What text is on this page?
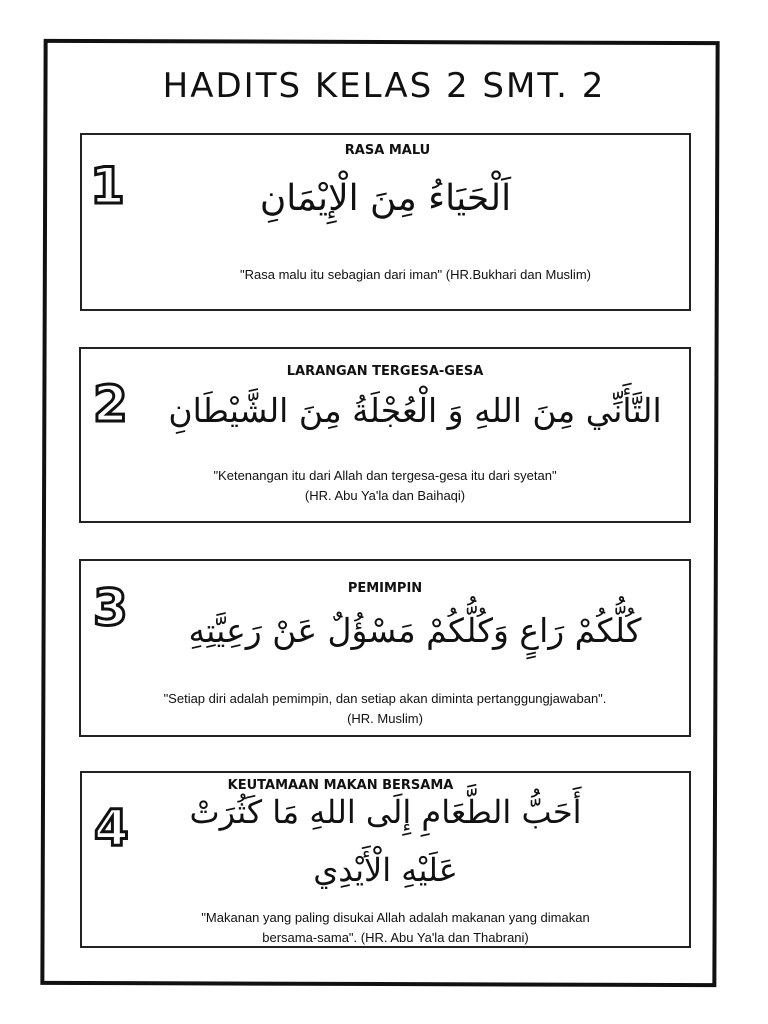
HADITS KELAS 2 SMT. 2
1
RASA MALU
اَلْحَيَاءُ مِنَ الْإِيْمَانِ
"Rasa malu itu sebagian dari iman" (HR.Bukhari dan Muslim)
2
LARANGAN TERGESA-GESA
التَّأَنِّي مِنَ اللهِ وَ الْعُجْلَةُ مِنَ الشَّيْطَانِ
"Ketenangan itu dari Allah dan tergesa-gesa itu dari syetan"
(HR. Abu Ya'la dan Baihaqi)
3	PEMIMPIN
كُلُّكُمْ رَاعٍ وَكُلُّكُمْ مَسْؤُلٌ عَنْ رَعِيَّتِهِ
"Setiap diri adalah pemimpin, dan setiap akan diminta pertanggungjawaban".
(HR. Muslim)
4
KEUTAMAAN MAKAN BERSAMA
أَحَبُّ الطَّعَامِ إِلَى اللهِ مَا كَثُرَتْ
عَلَيْهِ الْأَيْدِي
"Makanan yang paling disukai Allah adalah makanan yang dimakan
bersama-sama". (HR. Abu Ya'la dan Thabrani)
